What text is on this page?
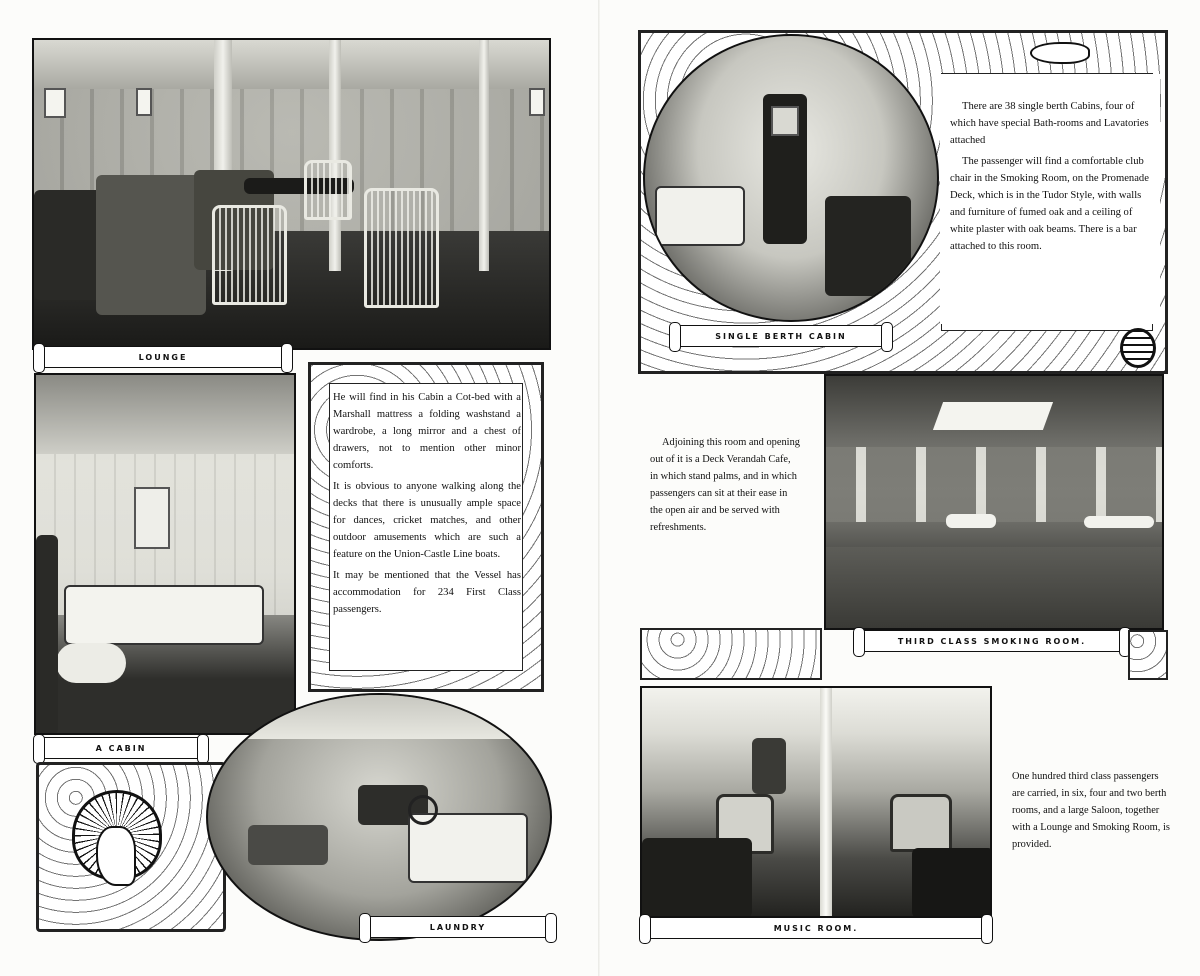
LOUNGE
A CABIN

He will find in his Cabin a Cot-bed with a Marshall mattress a folding washstand a wardrobe, a long mirror and a chest of drawers, not to mention other minor comforts.

It is obvious to anyone walking along the decks that there is unusually ample space for dances, cricket matches, and other outdoor amusements which are such a feature on the Union-Castle Line boats.

It may be mentioned that the Vessel has accommodation for 234 First Class passengers.

LAUNDRY
SINGLE BERTH CABIN

There are 38 single berth Cabins, four of which have special Bath-rooms and Lavatories attached

The passenger will find a comfortable club chair in the Smoking Room, on the Promenade Deck, which is in the Tudor Style, with walls and furniture of fumed oak and a ceiling of white plaster with oak beams. There is a bar attached to this room.

Adjoining this room and opening out of it is a Deck Verandah Cafe, in which stand palms, and in which passengers can sit at their ease in the open air and be served with refreshments.

THIRD CLASS SMOKING ROOM.
MUSIC ROOM.

One hundred third class passengers are carried, in six, four and two berth rooms, and a large Saloon, together with a Lounge and Smoking Room, is provided.
